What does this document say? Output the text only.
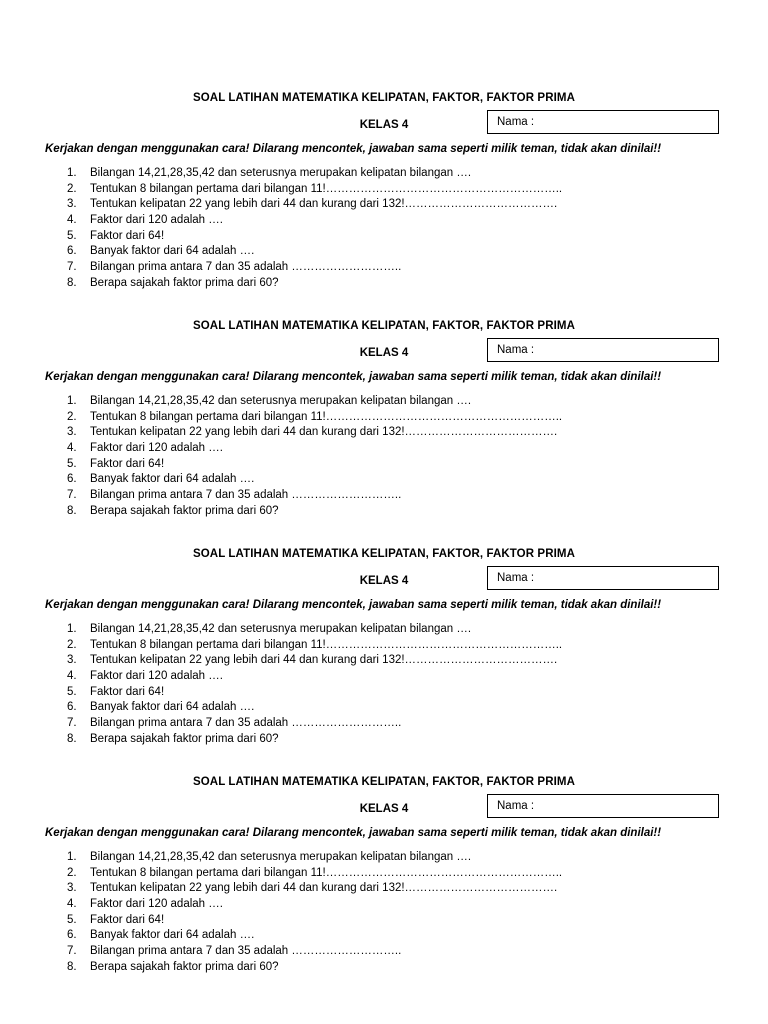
SOAL LATIHAN MATEMATIKA KELIPATAN, FAKTOR, FAKTOR PRIMA
KELAS 4	Nama :
Kerjakan dengan menggunakan cara! Dilarang mencontek, jawaban sama seperti milik teman, tidak akan dinilai!!
1. Bilangan 14,21,28,35,42 dan seterusnya merupakan kelipatan bilangan ….
2. Tentukan 8 bilangan pertama dari bilangan 11!……………………………………………………..
3. Tentukan kelipatan 22 yang lebih dari 44 dan kurang dari 132!………………………………….
4. Faktor dari 120 adalah ….
5. Faktor dari 64!
6. Banyak faktor dari 64 adalah ….
7. Bilangan prima antara 7 dan 35 adalah ………………………..
8. Berapa sajakah faktor prima dari 60?
SOAL LATIHAN MATEMATIKA KELIPATAN, FAKTOR, FAKTOR PRIMA
KELAS 4	Nama :
Kerjakan dengan menggunakan cara! Dilarang mencontek, jawaban sama seperti milik teman, tidak akan dinilai!!
1. Bilangan 14,21,28,35,42 dan seterusnya merupakan kelipatan bilangan ….
2. Tentukan 8 bilangan pertama dari bilangan 11!……………………………………………………..
3. Tentukan kelipatan 22 yang lebih dari 44 dan kurang dari 132!………………………………….
4. Faktor dari 120 adalah ….
5. Faktor dari 64!
6. Banyak faktor dari 64 adalah ….
7. Bilangan prima antara 7 dan 35 adalah ………………………..
8. Berapa sajakah faktor prima dari 60?
SOAL LATIHAN MATEMATIKA KELIPATAN, FAKTOR, FAKTOR PRIMA
KELAS 4	Nama :
Kerjakan dengan menggunakan cara! Dilarang mencontek, jawaban sama seperti milik teman, tidak akan dinilai!!
1. Bilangan 14,21,28,35,42 dan seterusnya merupakan kelipatan bilangan ….
2. Tentukan 8 bilangan pertama dari bilangan 11!……………………………………………………..
3. Tentukan kelipatan 22 yang lebih dari 44 dan kurang dari 132!………………………………….
4. Faktor dari 120 adalah ….
5. Faktor dari 64!
6. Banyak faktor dari 64 adalah ….
7. Bilangan prima antara 7 dan 35 adalah ………………………..
8. Berapa sajakah faktor prima dari 60?
SOAL LATIHAN MATEMATIKA KELIPATAN, FAKTOR, FAKTOR PRIMA
KELAS 4	Nama :
Kerjakan dengan menggunakan cara! Dilarang mencontek, jawaban sama seperti milik teman, tidak akan dinilai!!
1. Bilangan 14,21,28,35,42 dan seterusnya merupakan kelipatan bilangan ….
2. Tentukan 8 bilangan pertama dari bilangan 11!……………………………………………………..
3. Tentukan kelipatan 22 yang lebih dari 44 dan kurang dari 132!………………………………….
4. Faktor dari 120 adalah ….
5. Faktor dari 64!
6. Banyak faktor dari 64 adalah ….
7. Bilangan prima antara 7 dan 35 adalah ………………………..
8. Berapa sajakah faktor prima dari 60?
